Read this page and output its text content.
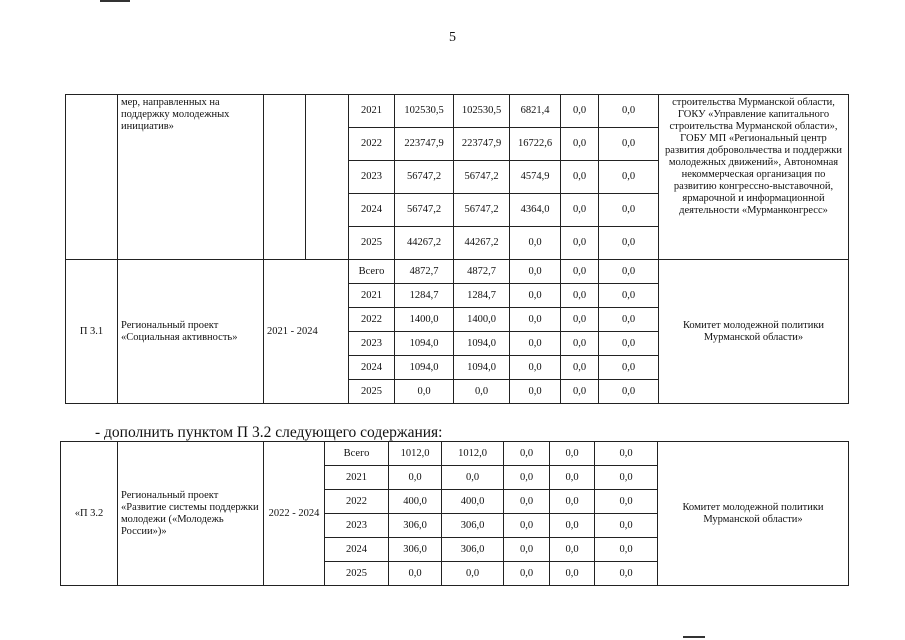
5
	мер, направленных на поддержку молодежных инициатив»			2021	102530,5	102530,5	6821,4	0,0	0,0	строительства Мурманской области, ГОКУ «Управление капитального строительства Мурманской области», ГОБУ МП «Региональный центр развития добровольчества и поддержки молодежных движений», Автономная некоммерческая организация по развитию конгрессно-выставочной, ярмарочной и информационной деятельности «Мурманконгресс»
				2022	223747,9	223747,9	16722,6	0,0	0,0	
				2023	56747,2	56747,2	4574,9	0,0	0,0	
				2024	56747,2	56747,2	4364,0	0,0	0,0	
				2025	44267,2	44267,2	0,0	0,0	0,0	
П 3.1	Региональный проект «Социальная активность»	2021 - 2024		Всего	4872,7	4872,7	0,0	0,0	0,0	Комитет молодежной политики Мурманской области»
				2021	1284,7	1284,7	0,0	0,0	0,0	
				2022	1400,0	1400,0	0,0	0,0	0,0	
				2023	1094,0	1094,0	0,0	0,0	0,0	
				2024	1094,0	1094,0	0,0	0,0	0,0	
				2025	0,0	0,0	0,0	0,0	0,0	
- дополнить пунктом П 3.2 следующего содержания:
«П 3.2	Региональный проект «Развитие системы поддержки молодежи («Молодежь России»)»	2022 - 2024	Всего	1012,0	1012,0	0,0	0,0	0,0	Комитет молодежной политики Мурманской области»
			2021	0,0	0,0	0,0	0,0	0,0	
			2022	400,0	400,0	0,0	0,0	0,0	
			2023	306,0	306,0	0,0	0,0	0,0	
			2024	306,0	306,0	0,0	0,0	0,0	
			2025	0,0	0,0	0,0	0,0	0,0	
